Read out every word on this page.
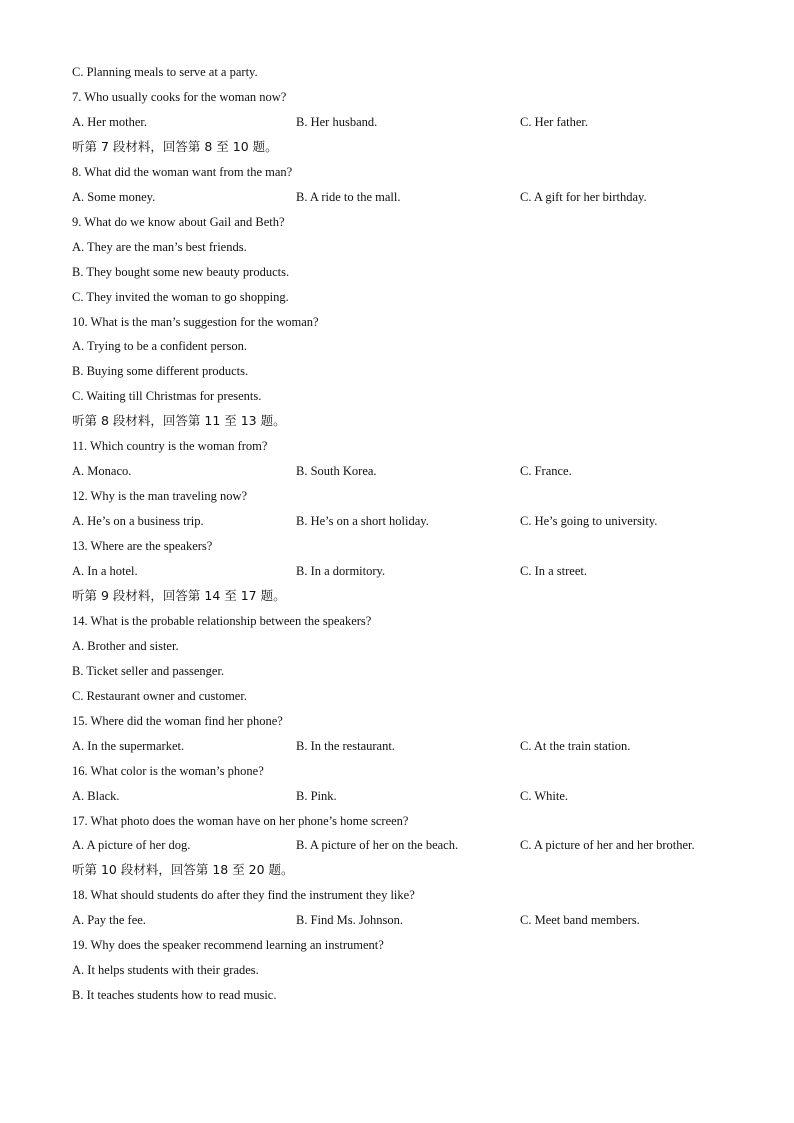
C. Planning meals to serve at a party.
7. Who usually cooks for the woman now?
A. Her mother.	B. Her husband.	C. Her father.
听第 7 段材料，回答第 8 至 10 题。
8. What did the woman want from the man?
A. Some money.	B. A ride to the mall.	C. A gift for her birthday.
9. What do we know about Gail and Beth?
A. They are the man’s best friends.
B. They bought some new beauty products.
C. They invited the woman to go shopping.
10. What is the man’s suggestion for the woman?
A. Trying to be a confident person.
B. Buying some different products.
C. Waiting till Christmas for presents.
听第 8 段材料，回答第 11 至 13 题。
11. Which country is the woman from?
A. Monaco.	B. South Korea.	C. France.
12. Why is the man traveling now?
A. He’s on a business trip.	B. He’s on a short holiday.	C. He’s going to university.
13. Where are the speakers?
A. In a hotel.	B. In a dormitory.	C. In a street.
听第 9 段材料，回答第 14 至 17 题。
14. What is the probable relationship between the speakers?
A. Brother and sister.
B. Ticket seller and passenger.
C. Restaurant owner and customer.
15. Where did the woman find her phone?
A. In the supermarket.	B. In the restaurant.	C. At the train station.
16. What color is the woman’s phone?
A. Black.	B. Pink.	C. White.
17. What photo does the woman have on her phone’s home screen?
A. A picture of her dog.	B. A picture of her on the beach.	C. A picture of her and her brother.
听第 10 段材料，回答第 18 至 20 题。
18. What should students do after they find the instrument they like?
A. Pay the fee.	B. Find Ms. Johnson.	C. Meet band members.
19. Why does the speaker recommend learning an instrument?
A. It helps students with their grades.
B. It teaches students how to read music.
